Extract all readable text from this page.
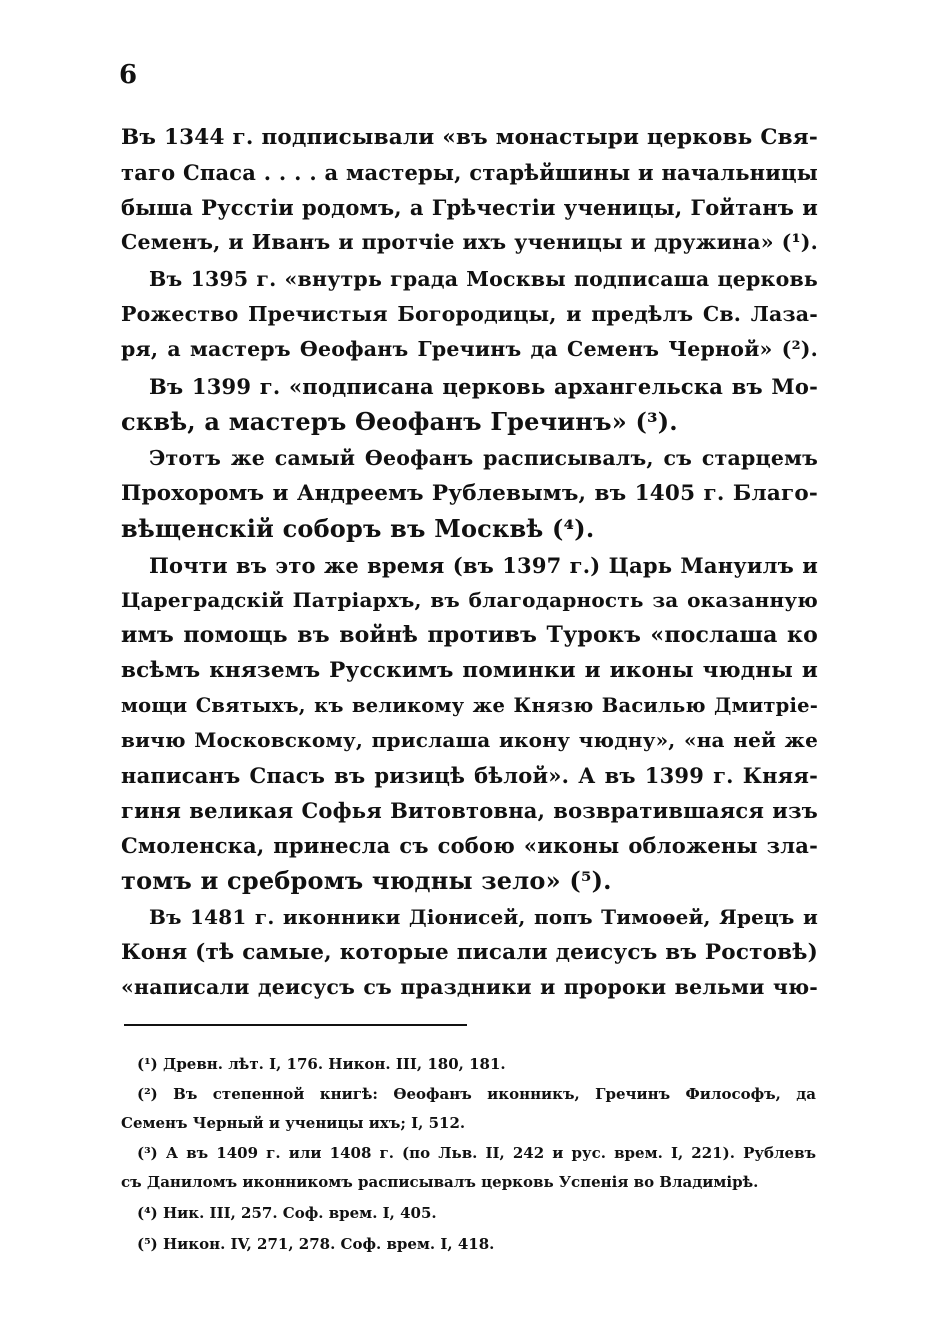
6
Въ 1344 г. подписывали «въ монастыри церковь Свя-
таго Спаса . . . . а мастеры, старѣйшины и начальницы
быша Русстіи родомъ, а Грѣчестіи ученицы, Гойтанъ и
Семенъ, и Иванъ и протчіе ихъ ученицы и дружина» (¹).
Въ 1395 г. «внутрь града Москвы подписаша церковь
Рожество Пречистыя Богородицы, и предѣлъ Св. Лаза-
ря, а мастеръ Ѳеофанъ Гречинъ да Семенъ Черной» (²).
Въ 1399 г. «подписана церковь архангельска въ Мо-
сквѣ, а мастеръ Ѳеофанъ Гречинъ» (³).
Этотъ же самый Ѳеофанъ расписывалъ, съ старцемъ
Прохоромъ и Андреемъ Рублевымъ, въ 1405 г. Благо-
вѣщенскій соборъ въ Москвѣ (⁴).
Почти въ это же время (въ 1397 г.) Царь Мануилъ и
Цареградскій Патріархъ, въ благодарность за оказанную
имъ помощь въ войнѣ противъ Турокъ «послаша ко
всѣмъ княземъ Русскимъ поминки и иконы чюдны и
мощи Святыхъ, къ великому же Князю Василью Дмитріе-
вичю Московскому, прислаша икону чюдну», «на ней же
написанъ Спасъ въ ризицѣ бѣлой». А въ 1399 г. Княя-
гиня великая Софья Витовтовна, возвратившаяся изъ
Смоленска, принесла съ собою «иконы обложены зла-
томъ и сребромъ чюдны зело» (⁵).
Въ 1481 г. иконники Діонисей, попъ Тимоѳей, Ярецъ и
Коня (тѣ самые, которые писали деисусъ въ Ростовѣ)
«написали деисусъ съ праздники и пророки вельми чю-
(¹) Древн. лѣт. I, 176. Никон. III, 180, 181.
(²) Въ степенной книгѣ: Ѳеофанъ иконникъ, Гречинъ Философъ, да
Семенъ Черный и ученицы ихъ; I, 512.
(³) А въ 1409 г. или 1408 г. (по Льв. II, 242 и рус. врем. I, 221). Рублевъ
съ Даниломъ иконникомъ расписывалъ церковь Успенія во Владимірѣ.
(⁴) Ник. III, 257. Соф. врем. I, 405.
(⁵) Никон. IV, 271, 278. Соф. врем. I, 418.
